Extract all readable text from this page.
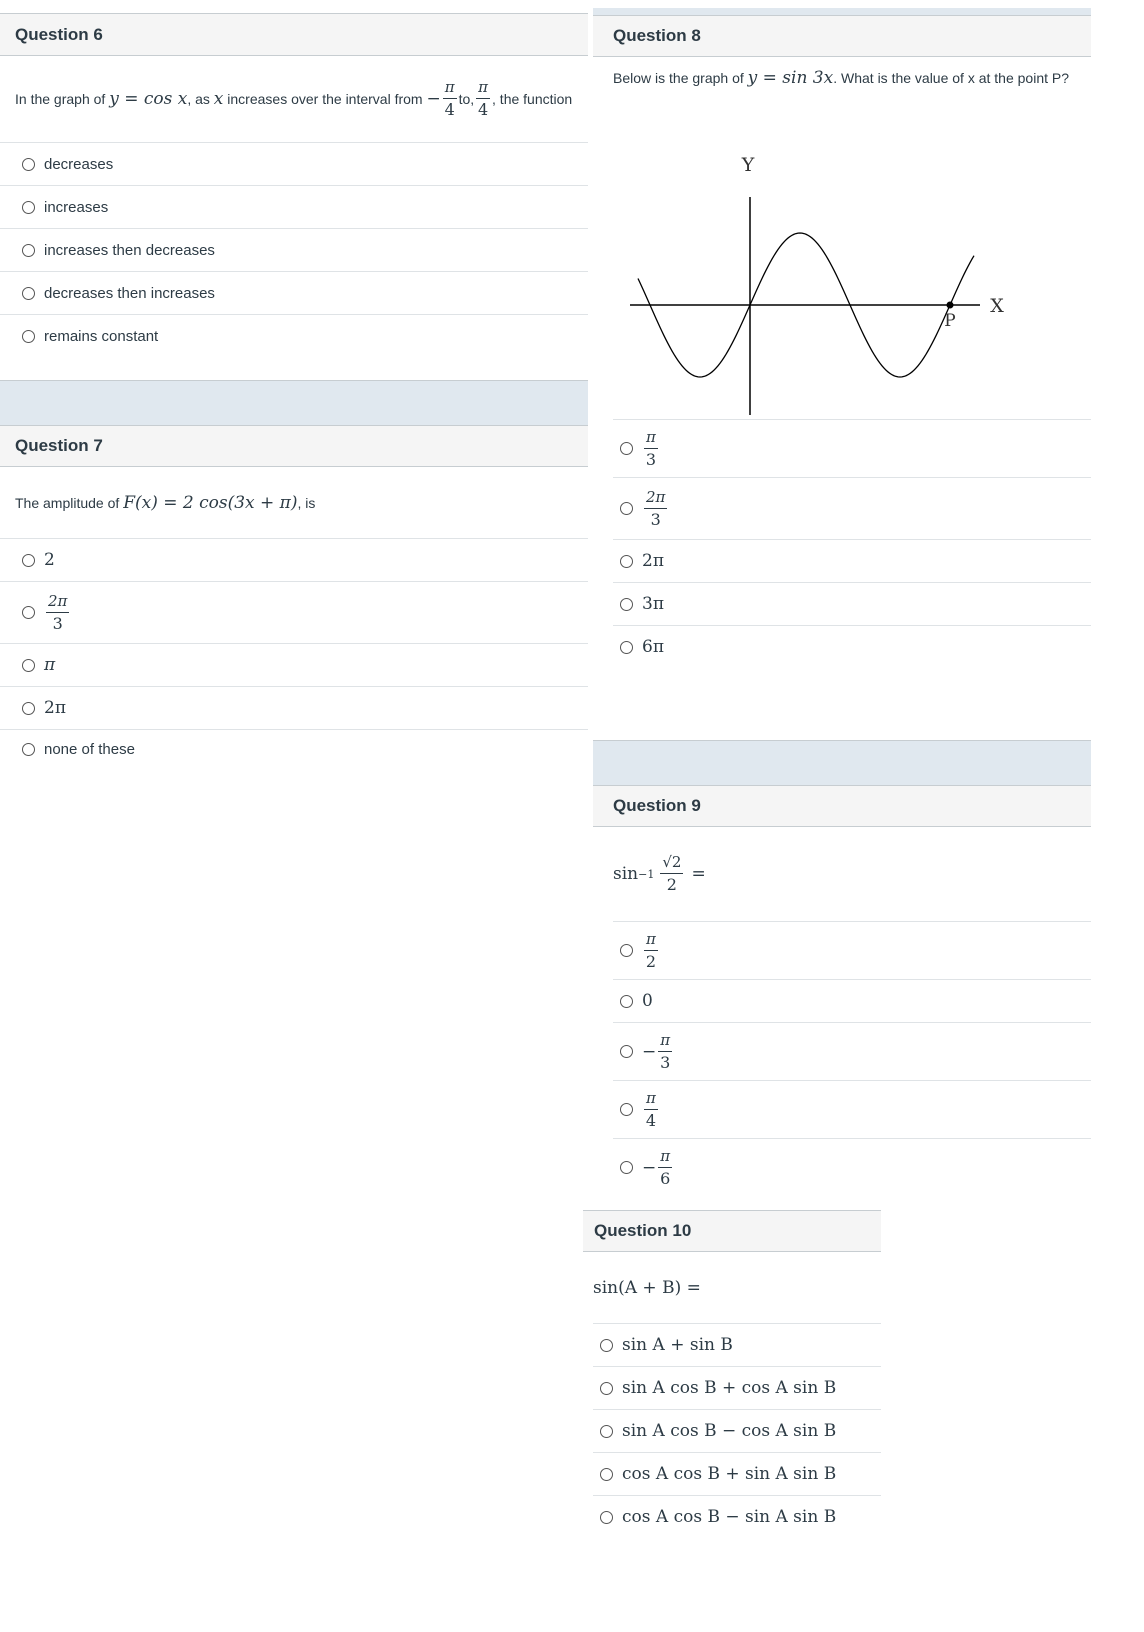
Question 6
In the graph of
y = cos x , as
x
increases over the interval from
− $\frac{\pi}{4}$ to, $\frac{\pi}{4}$ , the function
decreases
increases
increases then decreases
decreases then increases
remains constant
Question 7
The amplitude of
F(x) = 2 cos(3x + π) , is
2
$\frac{2\pi}{3}$
π
2π
none of these
Question 8
Below is the graph of
y = sin 3x . What is the value of x at the point P?
Y
X
P
$\frac{\pi}{3}$
$\frac{2\pi}{3}$
2π
3π
6π
Question 9
$\sin -1 \frac{√2}{2}$ =
$\frac{\pi}{2}$
0
− $\frac{\pi}{3}$
$\frac{\pi}{4}$
− $\frac{\pi}{6}$
Question 10
sin(A + B) =
sin A + sin B
sin A cos B + cos A sin B
sin A cos B − cos A sin B
cos A cos B + sin A sin B
cos A cos B − sin A sin B
